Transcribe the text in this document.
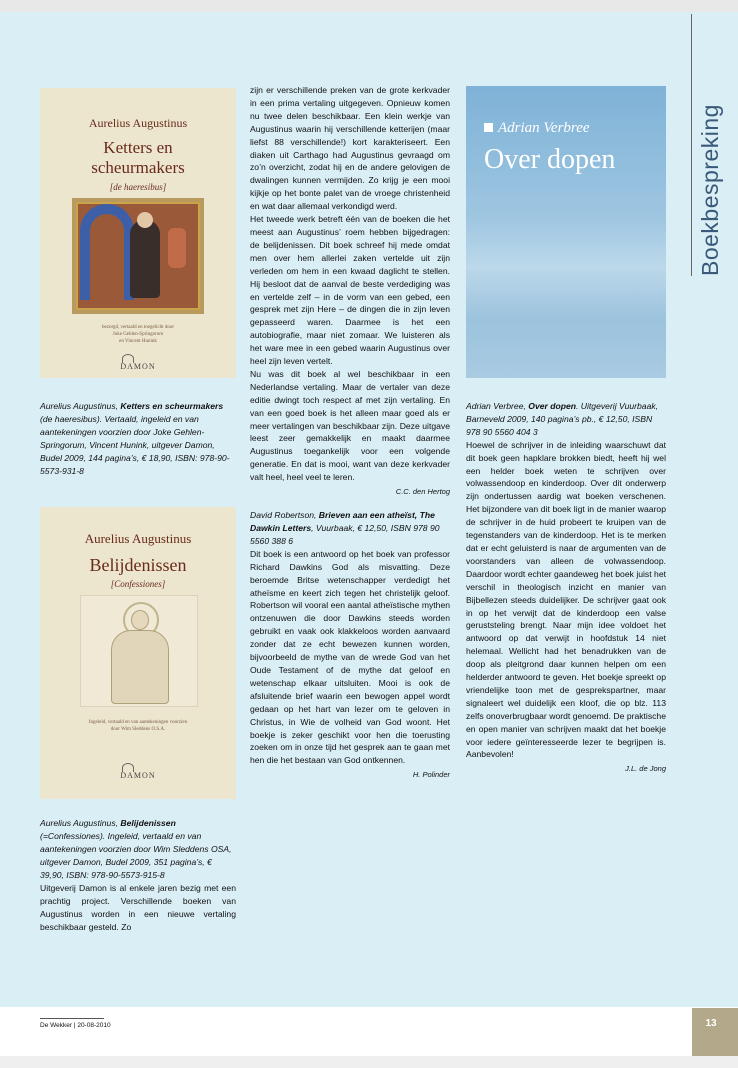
Aurelius Augustinus
Ketters en
scheurmakers
[de haeresibus]
bezorgd, vertaald en toegelicht door
Joke Gehlen-Springorum
en Vincent Hunink
DAMON

Aurelius Augustinus, Ketters en scheurmakers (de haeresibus). Vertaald, ingeleid en van aantekeningen voorzien door Joke Gehlen-Springorum, Vincent Hunink, uitgever Damon, Budel 2009, 144 pagina’s, € 18,90, ISBN: 978-90-5573-931-8

Aurelius Augustinus
Belijdenissen
[Confessiones]
Ingeleid, vertaald en van aantekeningen voorzien
door Wim Sleddens O.S.A.
DAMON

Aurelius Augustinus, Belijdenissen (=Confessiones). Ingeleid, vertaald en van aantekeningen voorzien door Wim Sleddens OSA, uitgever Damon, Budel 2009, 351 pagina’s, € 39,90, ISBN: 978-90-5573-915-8

Uitgeverij Damon is al enkele jaren bezig met een prachtig project. Verschillende boeken van Augustinus worden in een nieuwe vertaling beschikbaar gesteld. Zo

zijn er verschillende preken van de grote kerkvader in een prima vertaling uitgegeven. Opnieuw komen nu twee delen beschikbaar. Een klein werkje van Augustinus waarin hij verschillende ketterijen (maar liefst 88 verschillende!) kort karakteriseert. Een diaken uit Carthago had Augustinus gevraagd om zo’n overzicht, zodat hij en de andere gelovigen de dwalingen kunnen vermijden. Zo krijg je een mooi kijkje op het bonte palet van de vroege christenheid en wat daar allemaal verkondigd werd.

Het tweede werk betreft één van de boeken die het meest aan Augustinus’ roem hebben bijgedragen: de belijdenissen. Dit boek schreef hij mede omdat men over hem allerlei zaken vertelde uit zijn verleden om hem in een kwaad daglicht te stellen. Hij besloot dat de aanval de beste verdediging was en vertelde zelf – in de vorm van een gebed, een gesprek met zijn Here – de dingen die in zijn leven gepasseerd waren. Daarmee is het een autobiografie, maar niet zomaar. We luisteren als het ware mee in een gebed waarin Augustinus over heel zijn leven vertelt.

Nu was dit boek al wel beschikbaar in een Nederlandse vertaling. Maar de vertaler van deze editie dwingt toch respect af met zijn vertaling. En van een goed boek is het alleen maar goed als er meer vertalingen van beschikbaar zijn. Deze uitgave leest zeer gemakkelijk en maakt daarmee Augustinus toegankelijk voor een volgende generatie. En dat is mooi, want van deze kerkvader valt heel, heel veel te leren.

C.C. den Hertog

David Robertson, Brieven aan een atheïst, The Dawkin Letters, Vuurbaak, € 12,50, ISBN 978 90 5560 388 6

Dit boek is een antwoord op het boek van professor Richard Dawkins God als misvatting. Deze beroemde Britse wetenschapper verdedigt het atheïsme en keert zich tegen het christelijk geloof. Robertson wil vooral een aantal atheïstische mythen ontzenuwen die door Dawkins steeds worden gebruikt en vaak ook klakkeloos worden aanvaard zonder dat ze echt bewezen kunnen worden, bijvoorbeeld de mythe van de wrede God van het Oude Testament of de mythe dat geloof en wetenschap elkaar uitsluiten. Mooi is ook de afsluitende brief waarin een bewogen appel wordt gedaan op het hart van lezer om te geloven in Christus, in Wie de volheid van God woont. Het boekje is zeker geschikt voor hen die toerusting zoeken om in onze tijd het gesprek aan te gaan met hen die het bestaan van God ontkennen.

H. Polinder
Adrian Verbree
Over dopen

Adrian Verbree, Over dopen. Uitgeverij Vuurbaak, Barneveld 2009, 140 pagina’s pb., € 12,50, ISBN 978 90 5560 404 3

Hoewel de schrijver in de inleiding waarschuwt dat dit boek geen hapklare brokken biedt, heeft hij wel een helder boek weten te schrijven over volwassendoop en kinderdoop. Over dit onderwerp zijn ondertussen aardig wat boeken verschenen. Het bijzondere van dit boek ligt in de manier waarop de schrijver in de huid probeert te kruipen van de tegenstanders van de kinderdoop. Het is te merken dat er echt geluisterd is naar de argumenten van de voorstanders van alleen de volwassendoop. Daardoor wordt echter gaandeweg het boek juist het verschil in theologisch inzicht en manier van Bijbellezen steeds duidelijker. De schrijver gaat ook in op het verwijt dat de kinderdoop een valse geruststeling brengt. Naar mijn idee voldoet het antwoord op dat verwijt in hoofdstuk 14 niet helemaal. Wellicht had het benadrukken van de doop als pleitgrond daar kunnen helpen om een helderder antwoord te geven. Het boekje spreekt op vriendelijke toon met de gesprekspartner, maar signaleert wel duidelijk een kloof, die op blz. 113 zelfs onoverbrugbaar wordt genoemd. De praktische en open manier van schrijven maakt dat het boekje voor iedere geïnteresseerde lezer te begrijpen is. Aanbevolen!

J.L. de Jong
Boekbespreking
De Wekker | 20-08-2010	13
